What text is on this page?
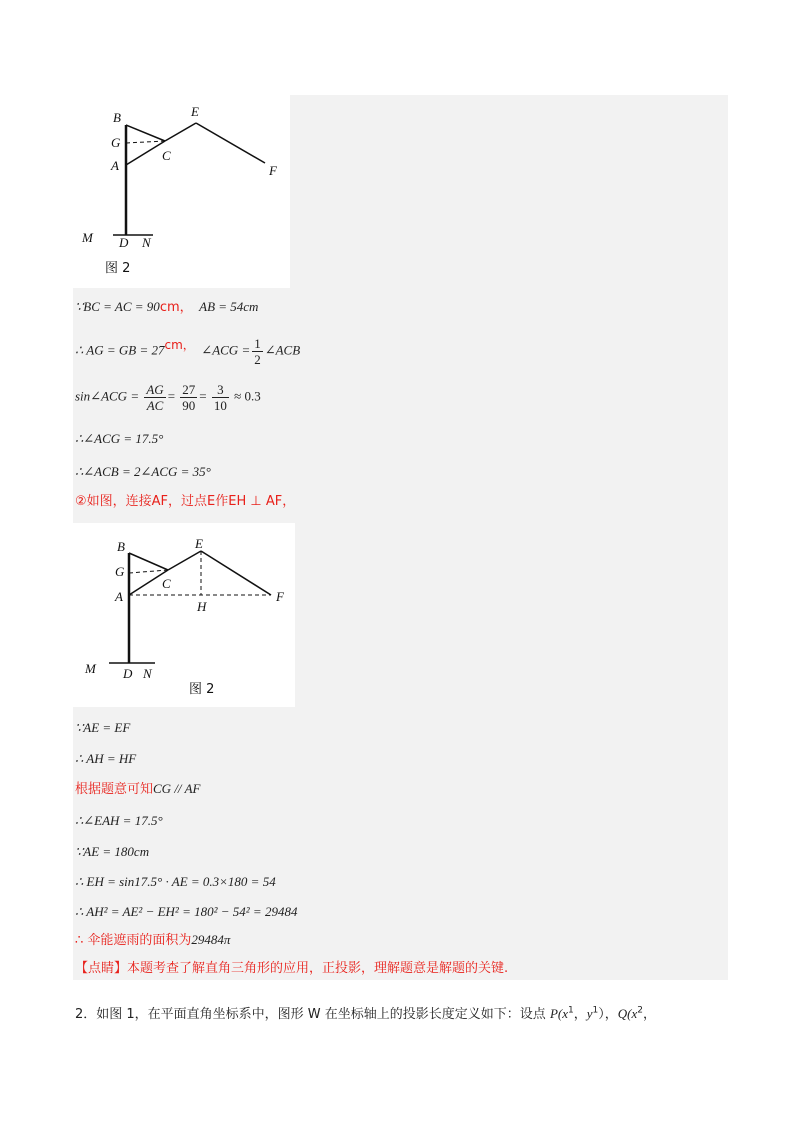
B
G
A
C
E
F
M D N
图 2
∵BC = AC = 90cm， AB = 54cm
∴ AG = GB = 27cm， ∠ACG = $\frac{1}{2}$ ∠ACB
sin∠ACG = $\frac{AG}{AC} = \frac{27}{90} = \frac{3}{10} \approx 0.3$
∴∠ACG = 17.5°
∴∠ACB = 2∠ACG = 35°
②如图，连接AF，过点E作EH ⊥ AF，
B
G
A
C
E
H
F
M D N
图 2
∵AE = EF
∴ AH = HF
根据题意可知CG // AF
∴∠EAH = 17.5°
∵AE = 180cm
∴ EH = sin17.5° · AE = 0.3×180 = 54
∴ AH² = AE² − EH² = 180² − 54² = 29484
∴ 伞能遮雨的面积为29484π
【点睛】本题考查了解直角三角形的应用，正投影，理解题意是解题的关键.
2．如图 1，在平面直角坐标系中，图形 W 在坐标轴上的投影长度定义如下：设点 $P(x^1$，$y^1$），$Q(x^2$，
